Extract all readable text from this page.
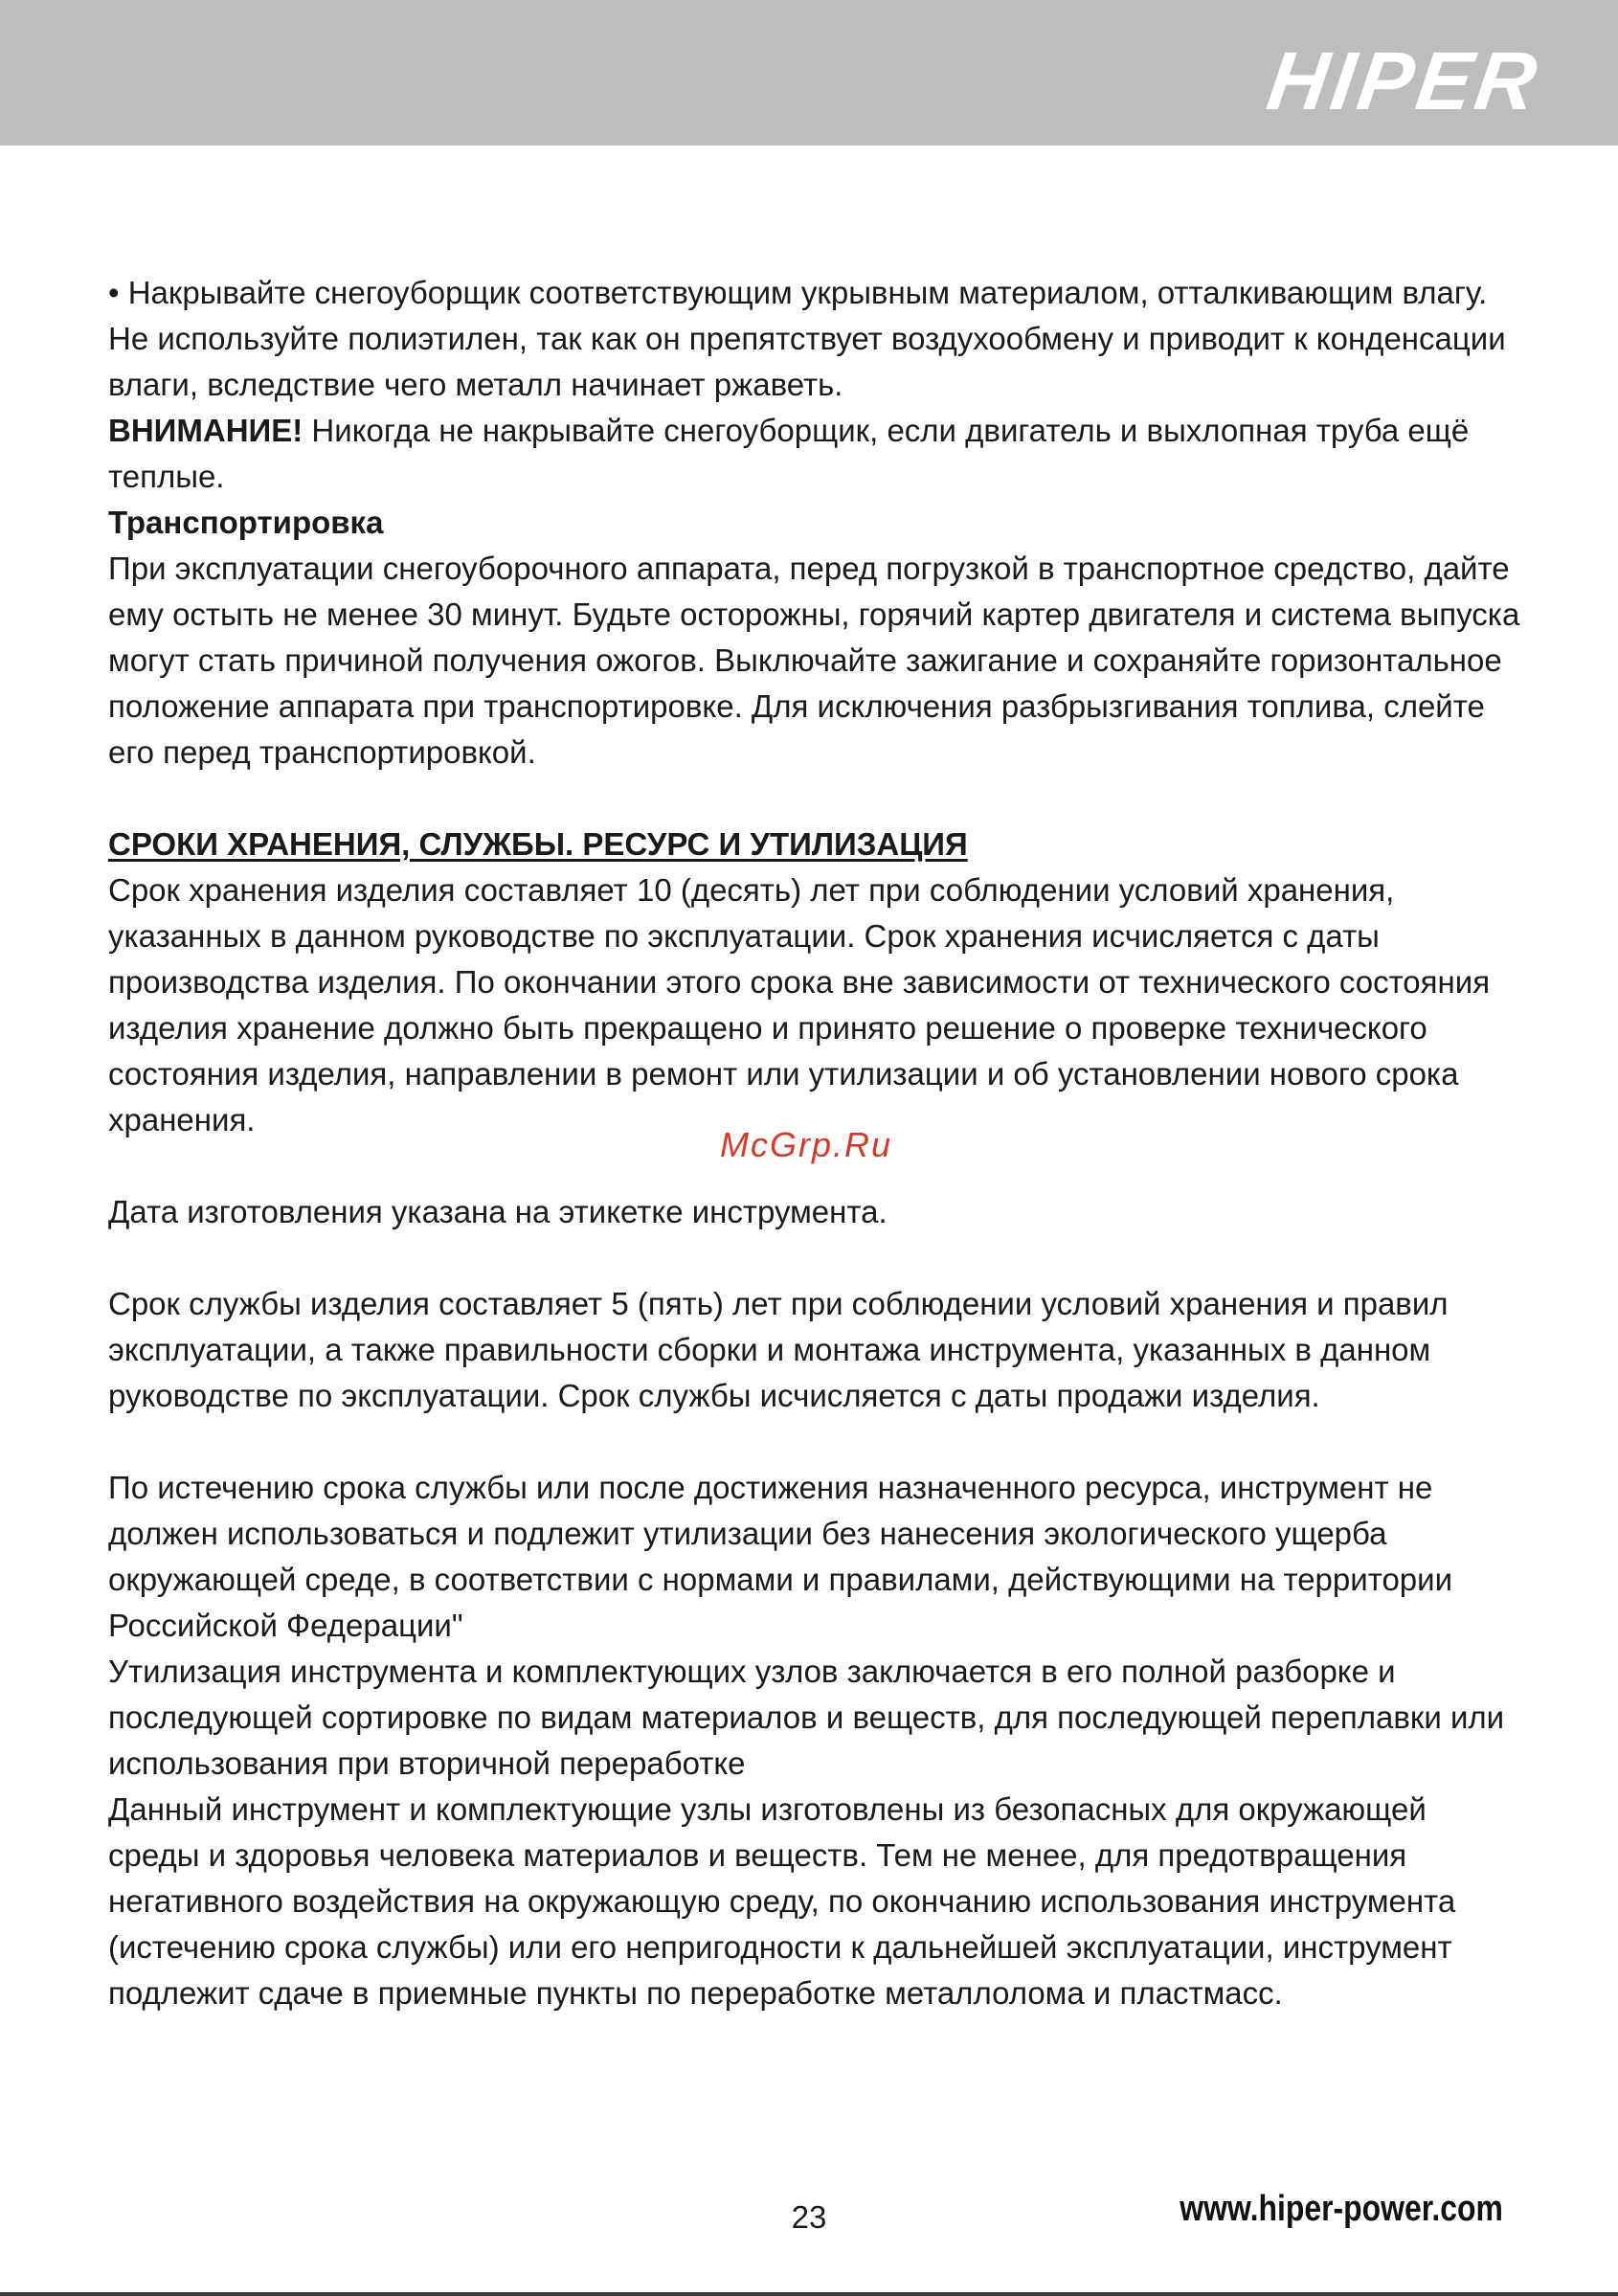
HIPER

• Накрывайте снегоуборщик соответствующим укрывным материалом, отталкивающим влагу. Не используйте полиэтилен, так как он препятствует воздухообмену и приводит к конденсации влаги, вследствие чего металл начинает ржаветь.

ВНИМАНИЕ! Никогда не накрывайте снегоуборщик, если двигатель и выхлопная труба ещё теплые.

Транспортировка

При эксплуатации снегоуборочного аппарата, перед погрузкой в транспортное средство, дайте ему остыть не менее 30 минут. Будьте осторожны, горячий картер двигателя и система выпуска могут стать причиной получения ожогов. Выключайте зажигание и сохраняйте горизонтальное положение аппарата при транспортировке. Для исключения разбрызгивания топлива, слейте его перед транспортировкой.

СРОКИ ХРАНЕНИЯ, СЛУЖБЫ. РЕСУРС И УТИЛИЗАЦИЯ

Срок хранения изделия составляет 10 (десять) лет при соблюдении условий хранения, указанных в данном руководстве по эксплуатации. Срок хранения исчисляется с даты производства изделия. По окончании этого срока вне зависимости от технического состояния изделия хранение должно быть прекращено и принято решение о проверке технического состояния изделия, направлении в ремонт или утилизации и об установлении нового срока хранения.

Дата изготовления указана на этикетке инструмента.

Срок службы изделия составляет 5 (пять) лет при соблюдении условий хранения и правил эксплуатации, а также правильности сборки и монтажа инструмента, указанных в данном руководстве по эксплуатации. Срок службы исчисляется с даты продажи изделия.

По истечению срока службы или после достижения назначенного ресурса, инструмент не должен использоваться и подлежит утилизации без нанесения экологического ущерба окружающей среде, в соответствии с нормами и правилами, действующими на территории Российской Федерации"

Утилизация инструмента и комплектующих узлов заключается в его полной разборке и последующей сортировке по видам материалов и веществ, для последующей переплавки или использования при вторичной переработке

Данный инструмент и комплектующие узлы изготовлены из безопасных для окружающей среды и здоровья человека материалов и веществ. Тем не менее, для предотвращения негативного воздействия на окружающую среду, по окончанию использования инструмента (истечению срока службы) или его непригодности к дальнейшей эксплуатации, инструмент подлежит сдаче в приемные пункты по переработке металлолома и пластмасс.

McGrp.Ru
23	www.hiper-power.com
